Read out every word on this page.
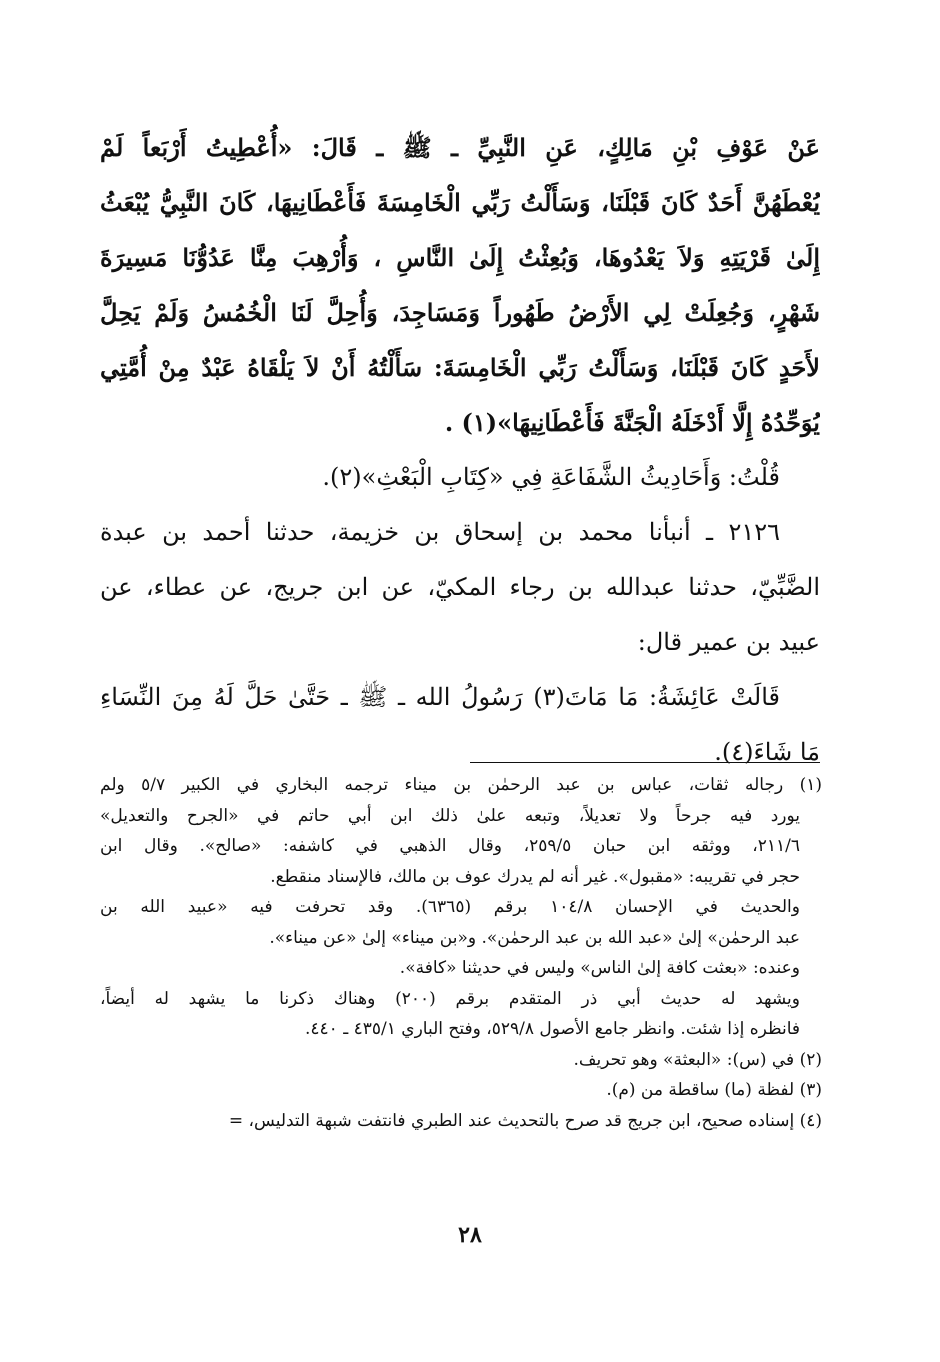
عَنْ عَوْفِ بْنِ مَالِكٍ، عَنِ النَّبِيِّ ـ ﷺ ـ قَالَ: «أُعْطِيتُ أَرْبَعاً لَمْ
يُعْطَهُنَّ أَحَدٌ كَانَ قَبْلَنَا، وَسَأَلْتُ رَبِّي الْخَامِسَةَ فَأَعْطَانِيهَا، كَانَ النَّبِيُّ يُبْعَثُ
إِلَىٰ قَرْيَتِهِ وَلاَ يَعْدُوهَا، وَبُعِثْتُ إِلَىٰ النَّاسِ ، وَأُرْهِبَ مِنَّا عَدُوُّنَا مَسِيرَةَ
شَهْرٍ، وَجُعِلَتْ لِي الأَرْضُ طَهُوراً وَمَسَاجِدَ، وَأُحِلَّ لَنَا الْخُمُسُ وَلَمْ يَحِلَّ
لأَحَدٍ كَانَ قَبْلَنَا، وَسَأَلْتُ رَبِّي الْخَامِسَةَ: سَأَلْتُهُ أَنْ لاَ يَلْقَاهُ عَبْدٌ مِنْ أُمَّتِي
يُوَحِّدُهُ إِلَّا أَدْخَلَهُ الْجَنَّةَ فَأَعْطَانِيهَا»(١) .
قُلْتُ: وَأَحَادِيثُ الشَّفَاعَةِ فِي «كِتَابِ الْبَعْثِ»(٢).
٢١٢٦ ـ أنبأنا محمد بن إسحاق بن خزيمة، حدثنا أحمد بن عبدة
الضَّبِّيّ، حدثنا عبدالله بن رجاء المكيّ، عن ابن جريج، عن عطاء، عن
عبيد بن عمير قال:
قَالَتْ عَائِشَةُ: مَا مَاتَ(٣) رَسُولُ الله ـ ﷺ ـ حَتَّىٰ حَلَّ لَهُ مِنَ النِّسَاءِ
مَا شَاءَ(٤).
(١) رجاله ثقات، عباس بن عبد الرحمٰن بن ميناء ترجمه البخاري في الكبير ٥/٧ ولم
يورد فيه جرحاً ولا تعديلاً، وتبعه علىٰ ذلك ابن أبي حاتم في «الجرح والتعديل»
٢١١/٦، ووثقه ابن حبان ٢٥٩/٥، وقال الذهبي في كاشفه: «صالح». وقال ابن
حجر في تقريبه: «مقبول». غير أنه لم يدرك عوف بن مالك، فالإسناد منقطع.
والحديث في الإحسان ١٠٤/٨ برقم (٦٣٦٥). وقد تحرفت فيه «عبيد الله بن
عبد الرحمٰن» إلىٰ «عبد الله بن عبد الرحمٰن». و«بن ميناء» إلىٰ «عن ميناء».
وعنده: «بعثت كافة إلىٰ الناس» وليس في حديثنا «كافة».
ويشهد له حديث أبي ذر المتقدم برقم (٢٠٠) وهناك ذكرنا ما يشهد له أيضاً،
فانظره إذا شئت. وانظر جامع الأصول ٥٢٩/٨، وفتح الباري ٤٣٥/١ ـ ٤٤٠.
(٢) في (س): «البعثة» وهو تحريف.
(٣) لفظة (ما) ساقطة من (م).
(٤) إسناده صحيح، ابن جريج قد صرح بالتحديث عند الطبري فانتفت شبهة التدليس، =
٢٨
